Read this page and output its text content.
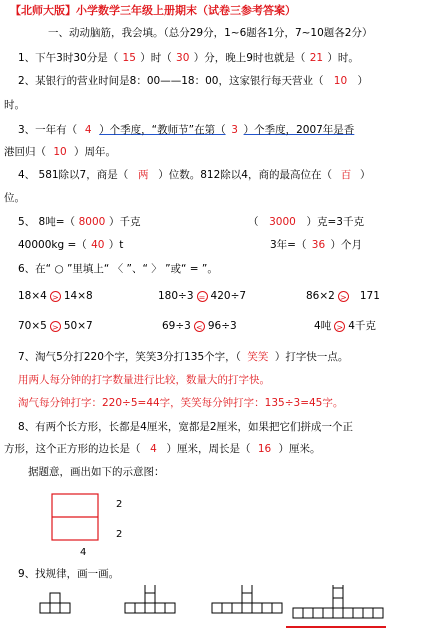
【北师大版】小学数学三年级上册期末（试卷三参考答案）
一、动动脑筋，我会填。（总分29分，1~6题各1分，7~10题各2分）
1、下午3时30分是（ 15 ）时（ 30 ）分，晚上9时也就是（ 21 ）时。
2、某银行的营业时间是8：00——18：00，这家银行每天营业（ 10 ）
时。
3、一年有（ 4 ）个季度，“教师节”在第（ 3 ）个季度，2007年是香
港回归（ 10 ）周年。
4、 581除以7，商是（ 两 ）位数。812除以4，商的最高位在（ 百 ）
位。
5、 8吨=（ 8000 ）千克	（ 3000 ）克=3千克
40000kg =（ 40 ）t	3年=（ 36 ）个月
6、在“ ○ ”里填上“ 〈 ”、“ 〉 ”或“ = ”。
18×4 > 14×8	180÷3 = 420÷7	86×2 > 171
70×5 > 50×7	69÷3 < 96÷3	4吨 > 4千克
7、淘气5分打220个字，笑笑3分打135个字，（ 笑笑 ）打字快一点。
用两人每分钟的打字数量进行比较，数量大的打字快。
淘气每分钟打字：220÷5=44字，笑笑每分钟打字：135÷3=45字。
8、有两个长方形，长都是4厘米，宽都是2厘米，如果把它们拼成一个正
方形，这个正方形的边长是（ 4 ）厘米，周长是（ 16 ）厘米。
据题意，画出如下的示意图：
2
2
4
9、找规律，画一画。
